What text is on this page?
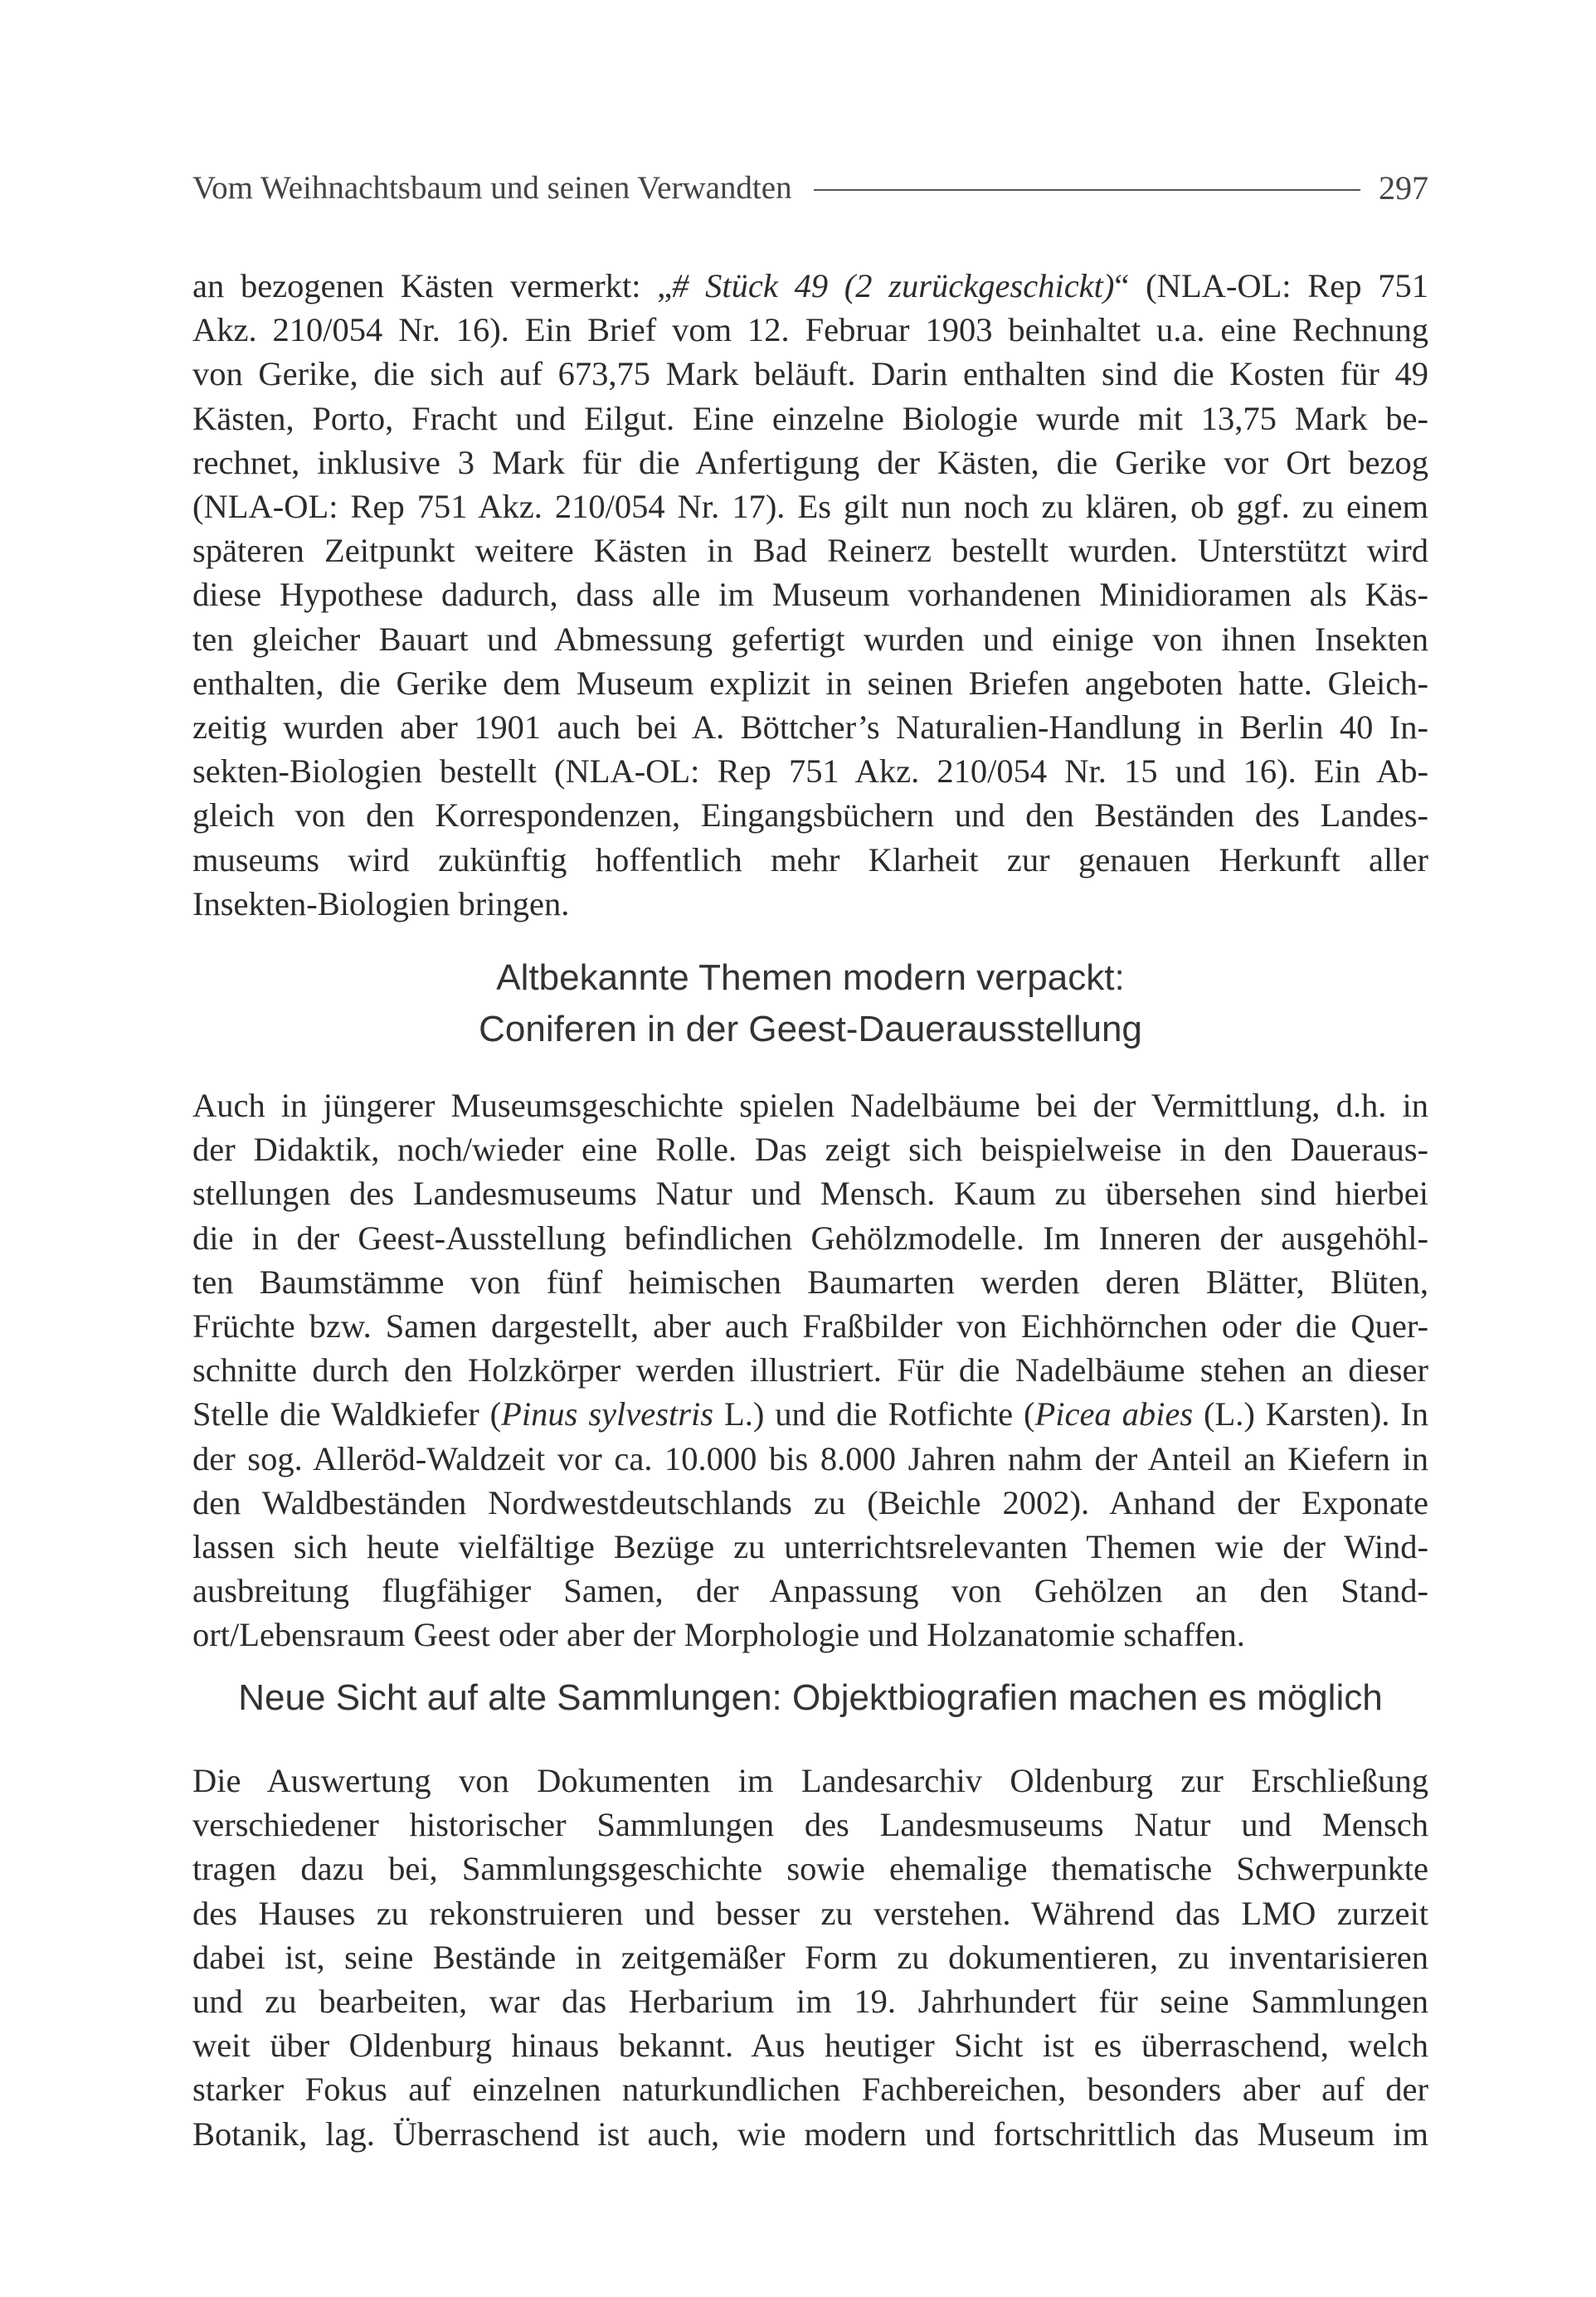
Vom Weihnachtsbaum und seinen Verwandten	297
an bezogenen Kästen vermerkt: „# Stück 49 (2 zurückgeschickt)“ (NLA-OL: Rep 751
Akz. 210/054 Nr. 16). Ein Brief vom 12. Februar 1903 beinhaltet u.a. eine Rechnung
von Gerike, die sich auf 673,75 Mark beläuft. Darin enthalten sind die Kosten für 49
Kästen, Porto, Fracht und Eilgut. Eine einzelne Biologie wurde mit 13,75 Mark be-
rechnet, inklusive 3 Mark für die Anfertigung der Kästen, die Gerike vor Ort bezog
(NLA-OL: Rep 751 Akz. 210/054 Nr. 17). Es gilt nun noch zu klären, ob ggf. zu einem
späteren Zeitpunkt weitere Kästen in Bad Reinerz bestellt wurden. Unterstützt wird
diese Hypothese dadurch, dass alle im Museum vorhandenen Minidioramen als Käs-
ten gleicher Bauart und Abmessung gefertigt wurden und einige von ihnen Insekten
enthalten, die Gerike dem Museum explizit in seinen Briefen angeboten hatte. Gleich-
zeitig wurden aber 1901 auch bei A. Böttcher’s Naturalien-Handlung in Berlin 40 In-
sekten-Biologien bestellt (NLA-OL: Rep 751 Akz. 210/054 Nr. 15 und 16). Ein Ab-
gleich von den Korrespondenzen, Eingangsbüchern und den Beständen des Landes-
museums wird zukünftig hoffentlich mehr Klarheit zur genauen Herkunft aller
Insekten-Biologien bringen.
Altbekannte Themen modern verpackt:
Coniferen in der Geest-Dauerausstellung
Auch in jüngerer Museumsgeschichte spielen Nadelbäume bei der Vermittlung, d.h. in
der Didaktik, noch/wieder eine Rolle. Das zeigt sich beispielweise in den Daueraus-
stellungen des Landesmuseums Natur und Mensch. Kaum zu übersehen sind hierbei
die in der Geest-Ausstellung befindlichen Gehölzmodelle. Im Inneren der ausgehöhl-
ten Baumstämme von fünf heimischen Baumarten werden deren Blätter, Blüten,
Früchte bzw. Samen dargestellt, aber auch Fraßbilder von Eichhörnchen oder die Quer-
schnitte durch den Holzkörper werden illustriert. Für die Nadelbäume stehen an dieser
Stelle die Waldkiefer (Pinus sylvestris L.) und die Rotfichte (Picea abies (L.) Karsten). In
der sog. Alleröd-Waldzeit vor ca. 10.000 bis 8.000 Jahren nahm der Anteil an Kiefern in
den Waldbeständen Nordwestdeutschlands zu (Beichle 2002). Anhand der Exponate
lassen sich heute vielfältige Bezüge zu unterrichtsrelevanten Themen wie der Wind-
ausbreitung flugfähiger Samen, der Anpassung von Gehölzen an den Stand-
ort/Lebensraum Geest oder aber der Morphologie und Holzanatomie schaffen.
Neue Sicht auf alte Sammlungen: Objektbiografien machen es möglich
Die Auswertung von Dokumenten im Landesarchiv Oldenburg zur Erschließung
verschiedener historischer Sammlungen des Landesmuseums Natur und Mensch
tragen dazu bei, Sammlungsgeschichte sowie ehemalige thematische Schwerpunkte
des Hauses zu rekonstruieren und besser zu verstehen. Während das LMO zurzeit
dabei ist, seine Bestände in zeitgemäßer Form zu dokumentieren, zu inventarisieren
und zu bearbeiten, war das Herbarium im 19. Jahrhundert für seine Sammlungen
weit über Oldenburg hinaus bekannt. Aus heutiger Sicht ist es überraschend, welch
starker Fokus auf einzelnen naturkundlichen Fachbereichen, besonders aber auf der
Botanik, lag. Überraschend ist auch, wie modern und fortschrittlich das Museum im
